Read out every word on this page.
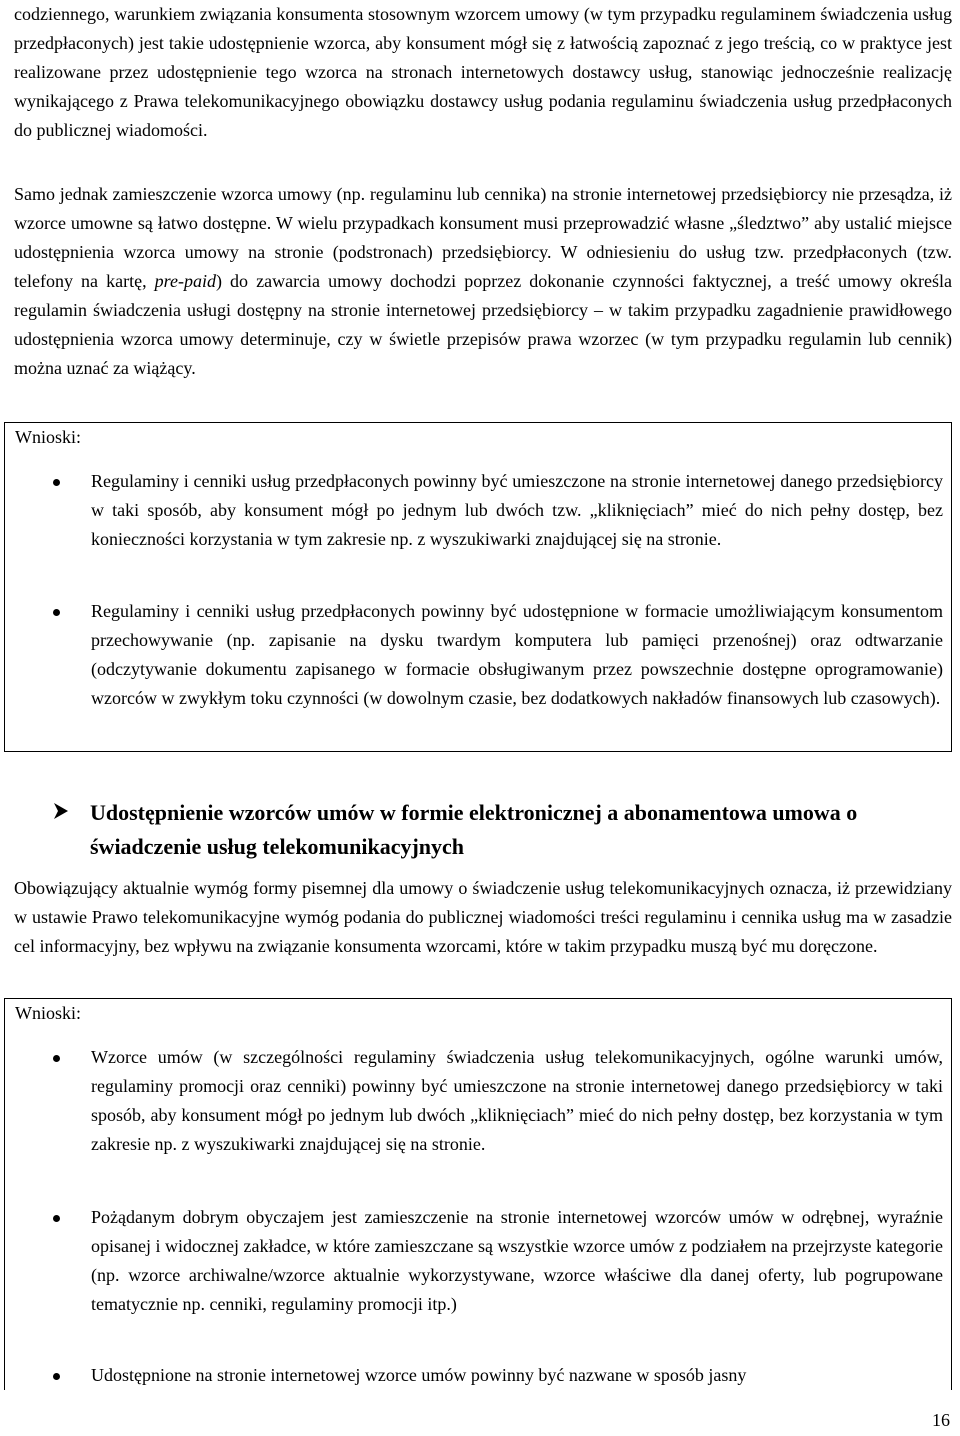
codziennego, warunkiem związania konsumenta stosownym wzorcem umowy (w tym przypadku regulaminem świadczenia usług przedpłaconych) jest takie udostępnienie wzorca, aby konsument mógł się z łatwością zapoznać z jego treścią, co w praktyce jest realizowane przez udostępnienie tego wzorca na stronach internetowych dostawcy usług, stanowiąc jednocześnie realizację wynikającego z Prawa telekomunikacyjnego obowiązku dostawcy usług podania regulaminu świadczenia usług przedpłaconych do publicznej wiadomości.

Samo jednak zamieszczenie wzorca umowy (np. regulaminu lub cennika) na stronie internetowej przedsiębiorcy nie przesądza, iż wzorce umowne są łatwo dostępne. W wielu przypadkach konsument musi przeprowadzić własne „śledztwo” aby ustalić miejsce udostępnienia wzorca umowy na stronie (podstronach) przedsiębiorcy. W odniesieniu do usług tzw. przedpłaconych (tzw. telefony na kartę, pre-paid) do zawarcia umowy dochodzi poprzez dokonanie czynności faktycznej, a treść umowy określa regulamin świadczenia usługi dostępny na stronie internetowej przedsiębiorcy – w takim przypadku zagadnienie prawidłowego udostępnienia wzorca umowy determinuje, czy w świetle przepisów prawa wzorzec (w tym przypadku regulamin lub cennik) można uznać za wiążący.

Wnioski:

Regulaminy i cenniki usług przedpłaconych powinny być umieszczone na stronie internetowej danego przedsiębiorcy w taki sposób, aby konsument mógł po jednym lub dwóch tzw. „kliknięciach” mieć do nich pełny dostęp, bez konieczności korzystania w tym zakresie np. z wyszukiwarki znajdującej się na stronie.

Regulaminy i cenniki usług przedpłaconych powinny być udostępnione w formacie umożliwiającym konsumentom przechowywanie (np. zapisanie na dysku twardym komputera lub pamięci przenośnej) oraz odtwarzanie (odczytywanie dokumentu zapisanego w formacie obsługiwanym przez powszechnie dostępne oprogramowanie) wzorców w zwykłym toku czynności (w dowolnym czasie, bez dodatkowych nakładów finansowych lub czasowych).

Udostępnienie wzorców umów w formie elektronicznej a abonamentowa umowa o świadczenie usług telekomunikacyjnych

Obowiązujący aktualnie wymóg formy pisemnej dla umowy o świadczenie usług telekomunikacyjnych oznacza, iż przewidziany w ustawie Prawo telekomunikacyjne wymóg podania do publicznej wiadomości treści regulaminu i cennika usług ma w zasadzie cel informacyjny, bez wpływu na związanie konsumenta wzorcami, które w takim przypadku muszą być mu doręczone.

Wnioski:

Wzorce umów (w szczególności regulaminy świadczenia usług telekomunikacyjnych, ogólne warunki umów, regulaminy promocji oraz cenniki) powinny być umieszczone na stronie internetowej danego przedsiębiorcy w taki sposób, aby konsument mógł po jednym lub dwóch „kliknięciach” mieć do nich pełny dostęp, bez korzystania w tym zakresie np. z wyszukiwarki znajdującej się na stronie.

Pożądanym dobrym obyczajem jest zamieszczenie na stronie internetowej wzorców umów w odrębnej, wyraźnie opisanej i widocznej zakładce, w które zamieszczane są wszystkie wzorce umów z podziałem na przejrzyste kategorie (np. wzorce archiwalne/wzorce aktualnie wykorzystywane, wzorce właściwe dla danej oferty, lub pogrupowane tematycznie np. cenniki, regulaminy promocji itp.)

Udostępnione na stronie internetowej wzorce umów powinny być nazwane w sposób jasny

16
